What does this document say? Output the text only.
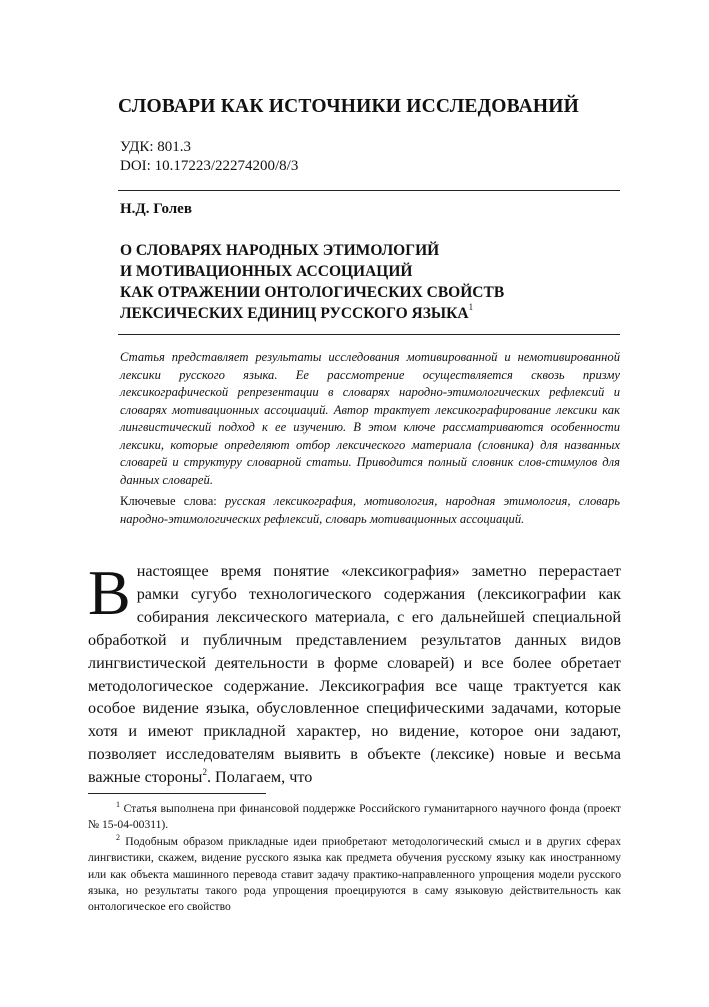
СЛОВАРИ КАК ИСТОЧНИКИ ИССЛЕДОВАНИЙ
УДК: 801.3
DOI: 10.17223/22274200/8/3
Н.Д. Голев
О СЛОВАРЯХ НАРОДНЫХ ЭТИМОЛОГИЙ
И МОТИВАЦИОННЫХ АССОЦИАЦИЙ
КАК ОТРАЖЕНИИ ОНТОЛОГИЧЕСКИХ СВОЙСТВ
ЛЕКСИЧЕСКИХ ЕДИНИЦ РУССКОГО ЯЗЫКА$^1$
Статья представляет результаты исследования мотивированной и немотивированной лексики русского языка. Ее рассмотрение осуществляется сквозь призму лексикографической репрезентации в словарях народно-этимологических рефлексий и словарях мотивационных ассоциаций. Автор трактует лексикографирование лексики как лингвистический подход к ее изучению. В этом ключе рассматриваются особенности лексики, которые определяют отбор лексического материала (словника) для названных словарей и структуру словарной статьи. Приводится полный словник слов-стимулов для данных словарей.
Ключевые слова: русская лексикография, мотивология, народная этимология, словарь народно-этимологических рефлексий, словарь мотивационных ассоциаций.
Внастоящее время понятие «лексикография» заметно перерастает рамки сугубо технологического содержания (лексикографии как собирания лексического материала, с его дальнейшей специальной обработкой и публичным представлением результатов данных видов лингвистической деятельности в форме словарей) и все более обретает методологическое содержание. Лексикография все чаще трактуется как особое видение языка, обусловленное специфическими задачами, которые хотя и имеют прикладной характер, но видение, которое они задают, позволяет исследователям выявить в объекте (лексике) новые и весьма важные стороны$^2$. Полагаем, что

$^1$ Статья выполнена при финансовой поддержке Российского гуманитарного научного фонда (проект № 15-04-00311).

$^2$ Подобным образом прикладные идеи приобретают методологический смысл и в других сферах лингвистики, скажем, видение русского языка как предмета обучения русскому языку как иностранному или как объекта машинного перевода ставит задачу практико-направленного упрощения модели русского языка, но результаты такого рода упрощения проецируются в саму языковую действительность как онтологическое его свойство
